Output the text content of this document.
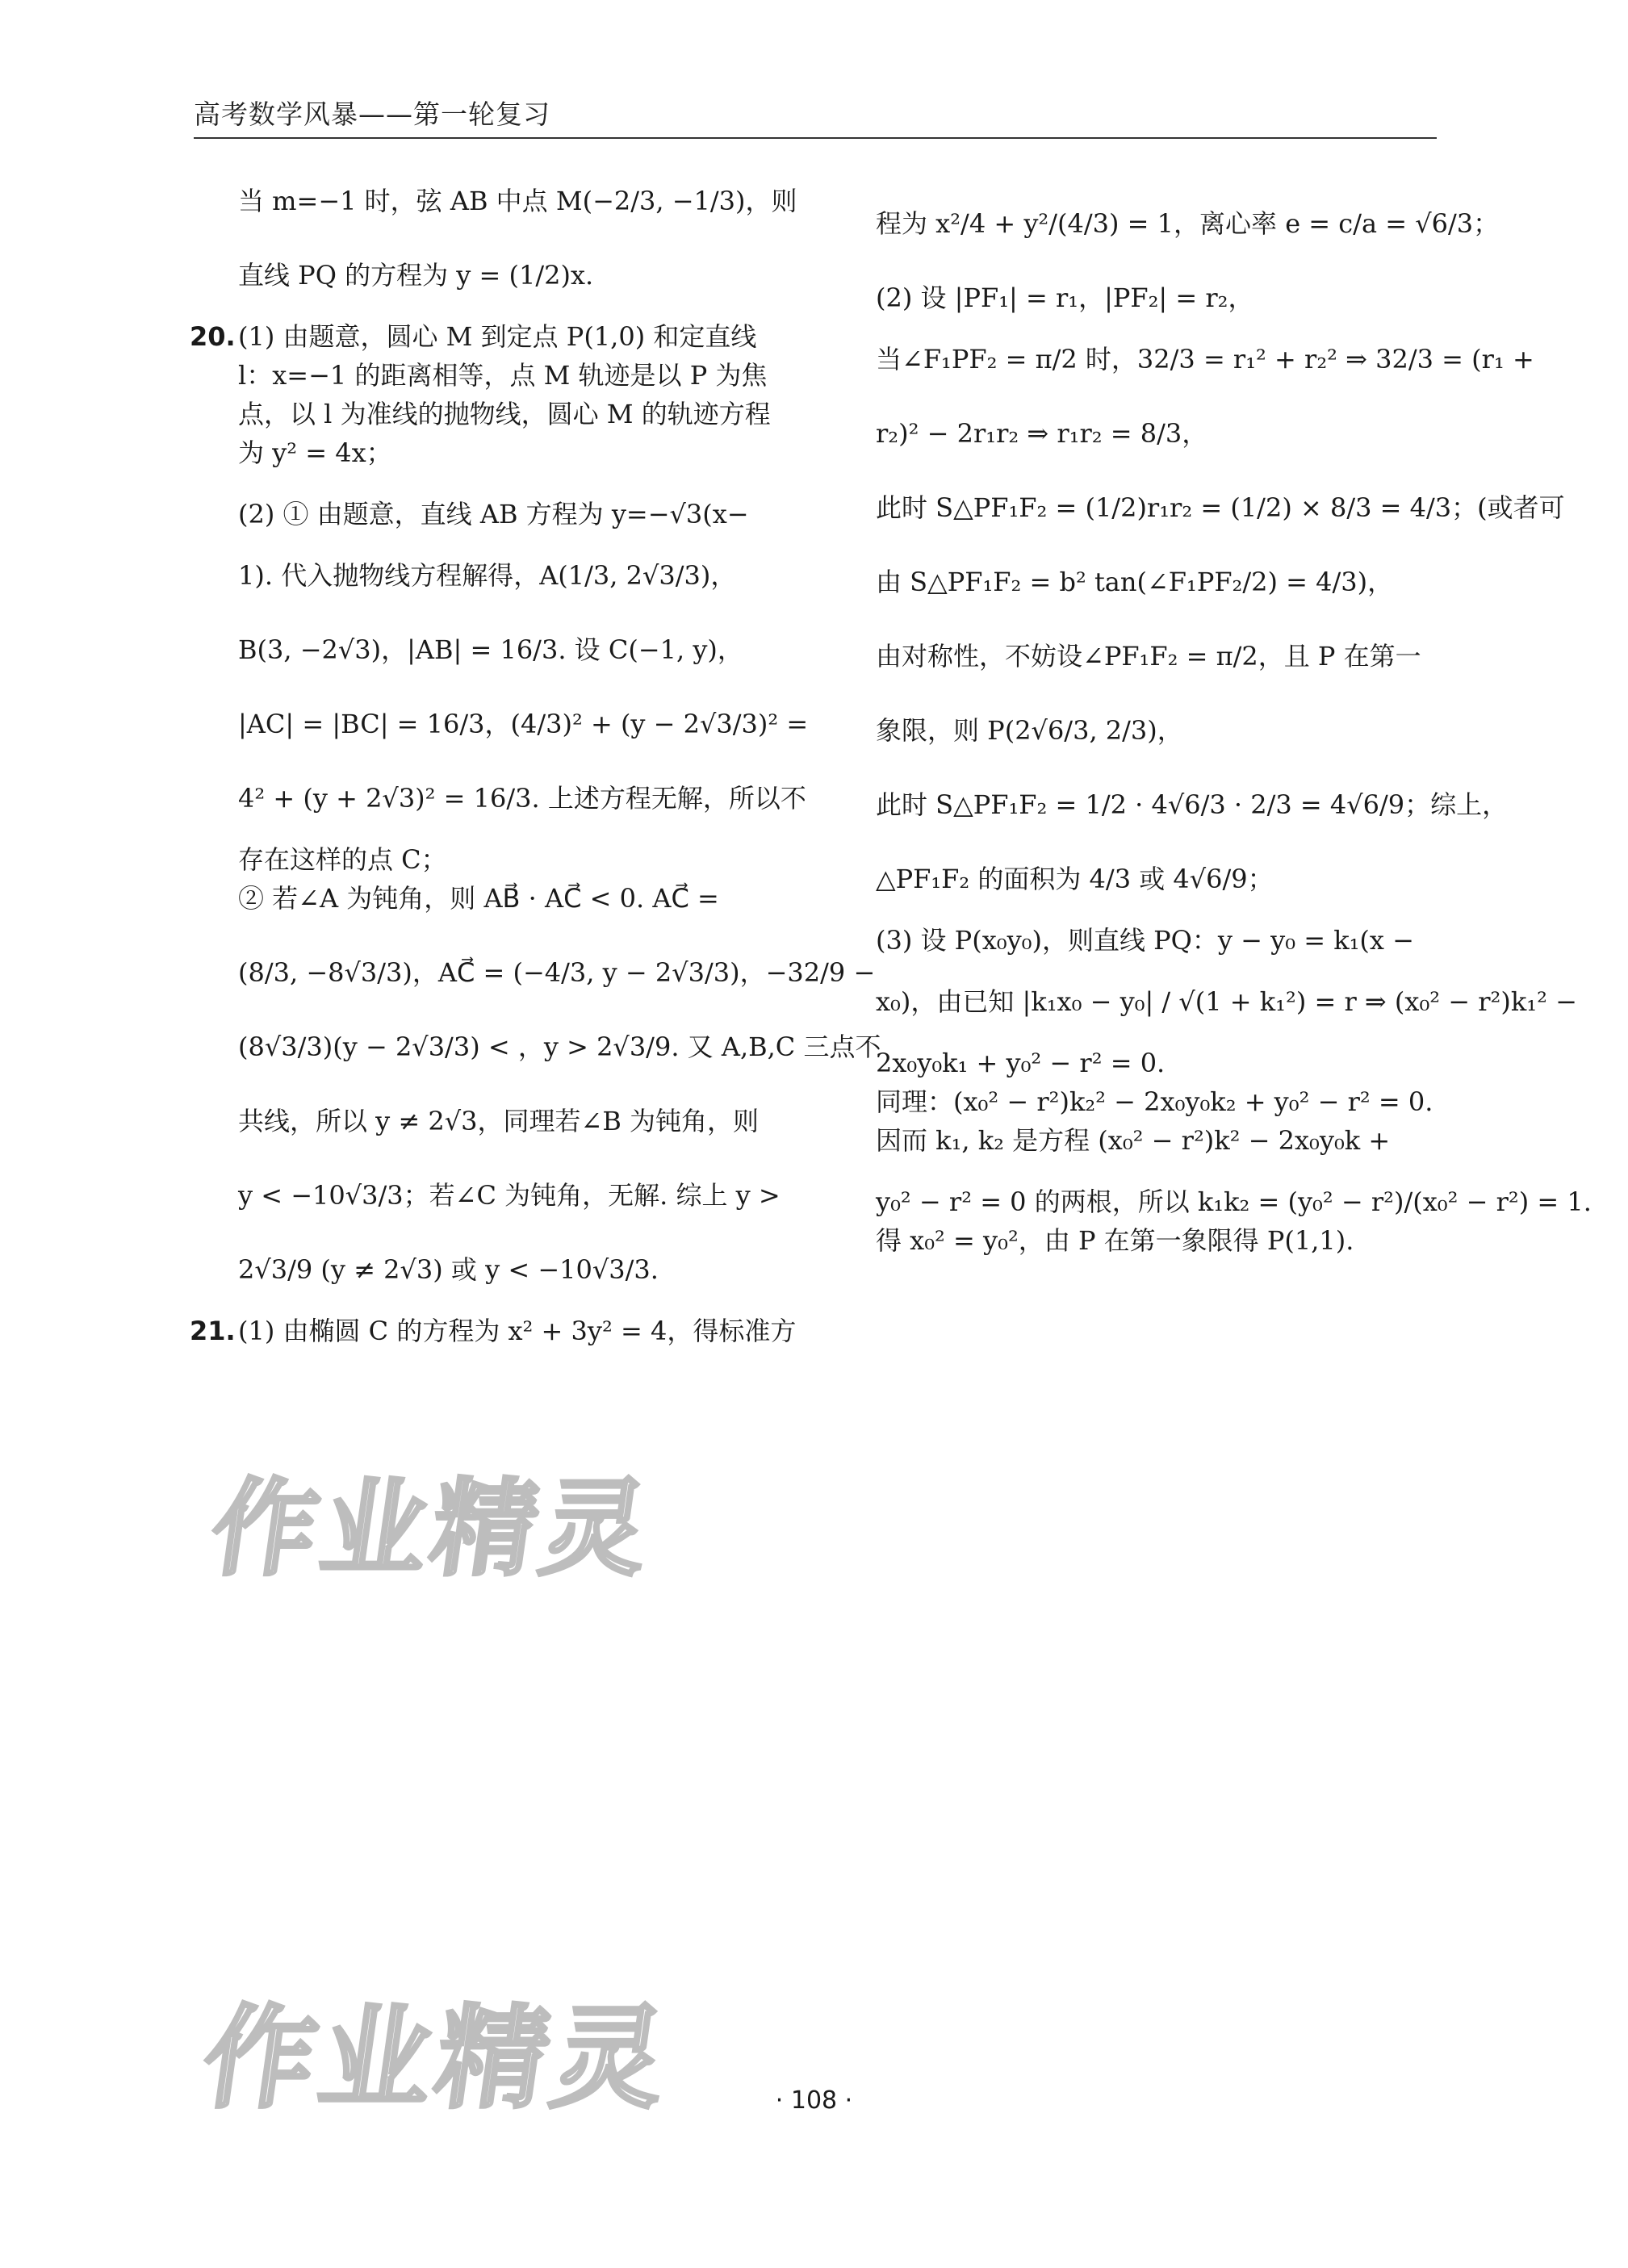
高考数学风暴——第一轮复习
当 m=−1 时，弦 AB 中点 M(−2/3, −1/3)，则
直线 PQ 的方程为 y = (1/2)x.
20. (1) 由题意，圆心 M 到定点 P(1,0) 和定直线
l：x=−1 的距离相等，点 M 轨迹是以 P 为焦
点，以 l 为准线的抛物线，圆心 M 的轨迹方程
为 y² = 4x；
(2) ① 由题意，直线 AB 方程为 y=−√3(x−
1). 代入抛物线方程解得，A(1/3, 2√3/3)，
B(3, −2√3)，|AB| = 16/3. 设 C(−1, y)，
|AC| = |BC| = 16/3，(4/3)² + (y − 2√3/3)² =
4² + (y + 2√3)² = 16/3. 上述方程无解，所以不
存在这样的点 C；
② 若∠A 为钝角，则 AB⃗ · AC⃗ < 0. AC⃗ =
(8/3, −8√3/3)，AC⃗ = (−4/3, y − 2√3/3)，−32/9 −
(8√3/3)(y − 2√3/3) < ，y > 2√3/9. 又 A,B,C 三点不
共线，所以 y ≠ 2√3，同理若∠B 为钝角，则
y < −10√3/3；若∠C 为钝角，无解. 综上 y >
2√3/9 (y ≠ 2√3) 或 y < −10√3/3.
21. (1) 由椭圆 C 的方程为 x² + 3y² = 4，得标准方
程为 x²/4 + y²/(4/3) = 1，离心率 e = c/a = √6/3；
(2) 设 |PF₁| = r₁，|PF₂| = r₂，
当∠F₁PF₂ = π/2 时，32/3 = r₁² + r₂² ⇒ 32/3 = (r₁ +
r₂)² − 2r₁r₂ ⇒ r₁r₂ = 8/3，
此时 S△PF₁F₂ = (1/2)r₁r₂ = (1/2) × 8/3 = 4/3；(或者可
由 S△PF₁F₂ = b² tan(∠F₁PF₂/2) = 4/3)，
由对称性，不妨设∠PF₁F₂ = π/2，且 P 在第一
象限，则 P(2√6/3, 2/3)，
此时 S△PF₁F₂ = 1/2 · 4√6/3 · 2/3 = 4√6/9；综上，
△PF₁F₂ 的面积为 4/3 或 4√6/9；
(3) 设 P(x₀y₀)，则直线 PQ：y − y₀ = k₁(x −
x₀)，由已知 |k₁x₀ − y₀| / √(1 + k₁²) = r ⇒ (x₀² − r²)k₁² −
2x₀y₀k₁ + y₀² − r² = 0.
同理：(x₀² − r²)k₂² − 2x₀y₀k₂ + y₀² − r² = 0.
因而 k₁, k₂ 是方程 (x₀² − r²)k² − 2x₀y₀k +
y₀² − r² = 0 的两根，所以 k₁k₂ = (y₀² − r²)/(x₀² − r²) = 1.
得 x₀² = y₀²，由 P 在第一象限得 P(1,1).
作业精灵
作业精灵	· 108 ·
